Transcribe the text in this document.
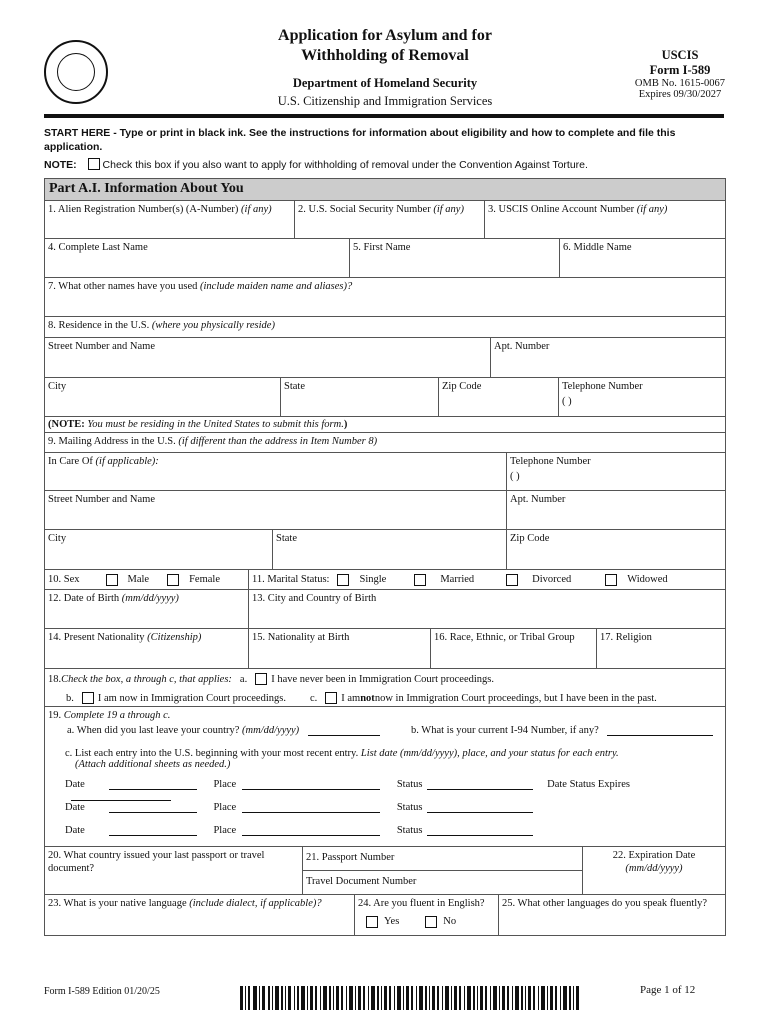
Application for Asylum and for
Withholding of Removal
Department of Homeland Security
U.S. Citizenship and Immigration Services
USCIS
Form I-589
OMB No. 1615-0067
Expires 09/30/2027
START HERE - Type or print in black ink. See the instructions for information about eligibility and how to complete and file this application.
NOTE: Check this box if you also want to apply for withholding of removal under the Convention Against Torture.
Part A.I. Information About You
1. Alien Registration Number(s) (A-Number) (if any)	2. U.S. Social Security Number (if any)	3. USCIS Online Account Number (if any)
4. Complete Last Name	5. First Name	6. Middle Name
7. What other names have you used (include maiden name and aliases)?
8. Residence in the U.S. (where you physically reside)
Street Number and Name	Apt. Number
City	State	Zip Code	Telephone Number
( )
(NOTE: You must be residing in the United States to submit this form.)
9. Mailing Address in the U.S. (if different than the address in Item Number 8)
In Care Of (if applicable):	Telephone Number
( )
Street Number and Name	Apt. Number
City	State	Zip Code
10. Sex	Male	Female	11. Marital Status:	Single	Married	Divorced	Widowed
12. Date of Birth (mm/dd/yyyy)	13. City and Country of Birth
14. Present Nationality (Citizenship)	15. Nationality at Birth	16. Race, Ethnic, or Tribal Group	17. Religion
18. Check the box, a through c, that applies: a. I have never been in Immigration Court proceedings.
b. I am now in Immigration Court proceedings. c. I am not now in Immigration Court proceedings, but I have been in the past.
19. Complete 19 a through c.
a. When did you last leave your country? (mm/dd/yyyy)	b. What is your current I-94 Number, if any?
c. List each entry into the U.S. beginning with your most recent entry. List date (mm/dd/yyyy), place, and your status for each entry.
(Attach additional sheets as needed.)
Date	Place	Status	Date Status Expires
Date	Place	Status
Date	Place	Status
20. What country issued your last passport or travel document?
21. Passport Number
Travel Document Number
22. Expiration Date
(mm/dd/yyyy)
23. What is your native language (include dialect, if applicable)?	24. Are you fluent in English?
Yes	No
25. What other languages do you speak fluently?
Form I-589 Edition 01/20/25	Page 1 of 12
